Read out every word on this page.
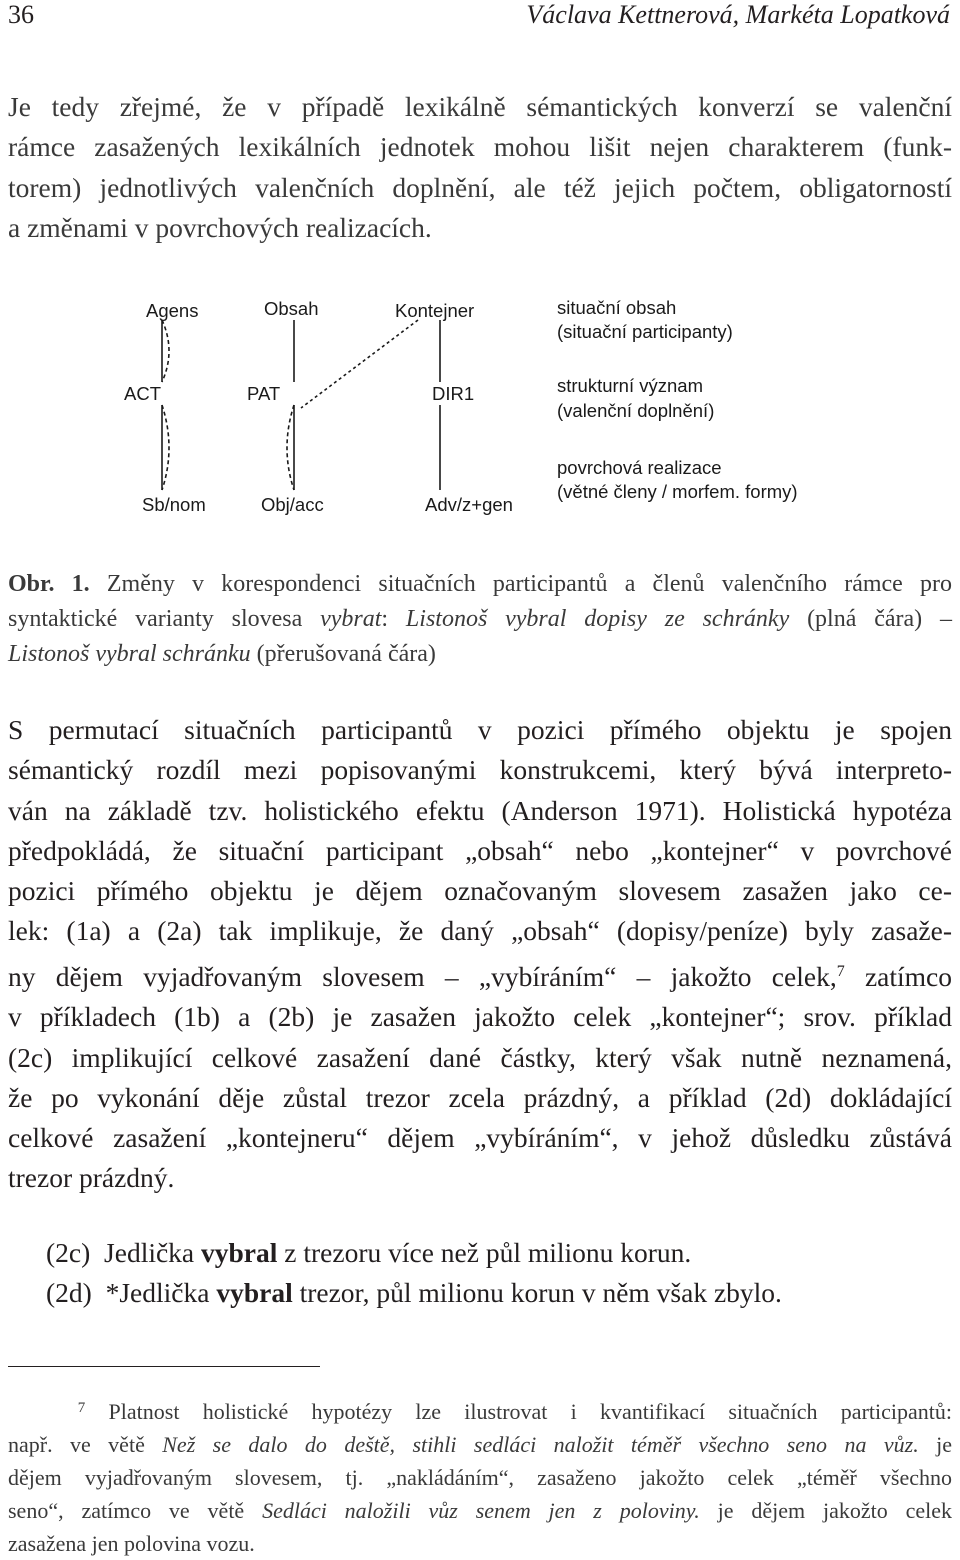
36	Václava Kettnerová, Markéta Lopatková
Je tedy zřejmé, že v případě lexikálně sémantických konverzí se valenční
rámce zasažených lexikálních jednotek mohou lišit nejen charakterem (funk-
torem) jednotlivých valenčních doplnění, ale též jejich počtem, obligatorností
a změnami v povrchových realizacích.
Agens	Obsah	Kontejner
ACT	PAT	DIR1
Sb/nom	Obj/acc	Adv/z+gen
situační obsah
(situační participanty)
strukturní význam
(valenční doplnění)
povrchová realizace
(větné členy / morfem. formy)
Obr. 1. Změny v korespondenci situačních participantů a členů valenčního rámce pro
syntaktické varianty slovesa vybrat: Listonoš vybral dopisy ze schránky (plná čára) –
Listonoš vybral schránku (přerušovaná čára)
S permutací situačních participantů v pozici přímého objektu je spojen
sémantický rozdíl mezi popisovanými konstrukcemi, který bývá interpreto-
ván na základě tzv. holistického efektu (Anderson 1971). Holistická hypotéza
předpokládá, že situační participant „obsah“ nebo „kontejner“ v povrchové
pozici přímého objektu je dějem označovaným slovesem zasažen jako ce-
lek: (1a) a (2a) tak implikuje, že daný „obsah“ (dopisy/peníze) byly zasaže-
ny dějem vyjadřovaným slovesem – „vybíráním“ – jakožto celek,$^7$ zatímco
v příkladech (1b) a (2b) je zasažen jakožto celek „kontejner“; srov. příklad
(2c) implikující celkové zasažení dané částky, který však nutně neznamená,
že po vykonání děje zůstal trezor zcela prázdný, a příklad (2d) dokládající
celkové zasažení „kontejneru“ dějem „vybíráním“, v jehož důsledku zůstává
trezor prázdný.
(2c) Jedlička vybral z trezoru více než půl milionu korun.
(2d) *Jedlička vybral trezor, půl milionu korun v něm však zbylo.
$^7$ Platnost holistické hypotézy lze ilustrovat i kvantifikací situačních participantů:
např. ve větě Než se dalo do deště, stihli sedláci naložit téměř všechno seno na vůz. je
dějem vyjadřovaným slovesem, tj. „nakládáním“, zasaženo jakožto celek „téměř všechno
seno“, zatímco ve větě Sedláci naložili vůz senem jen z poloviny. je dějem jakožto celek
zasažena jen polovina vozu.
